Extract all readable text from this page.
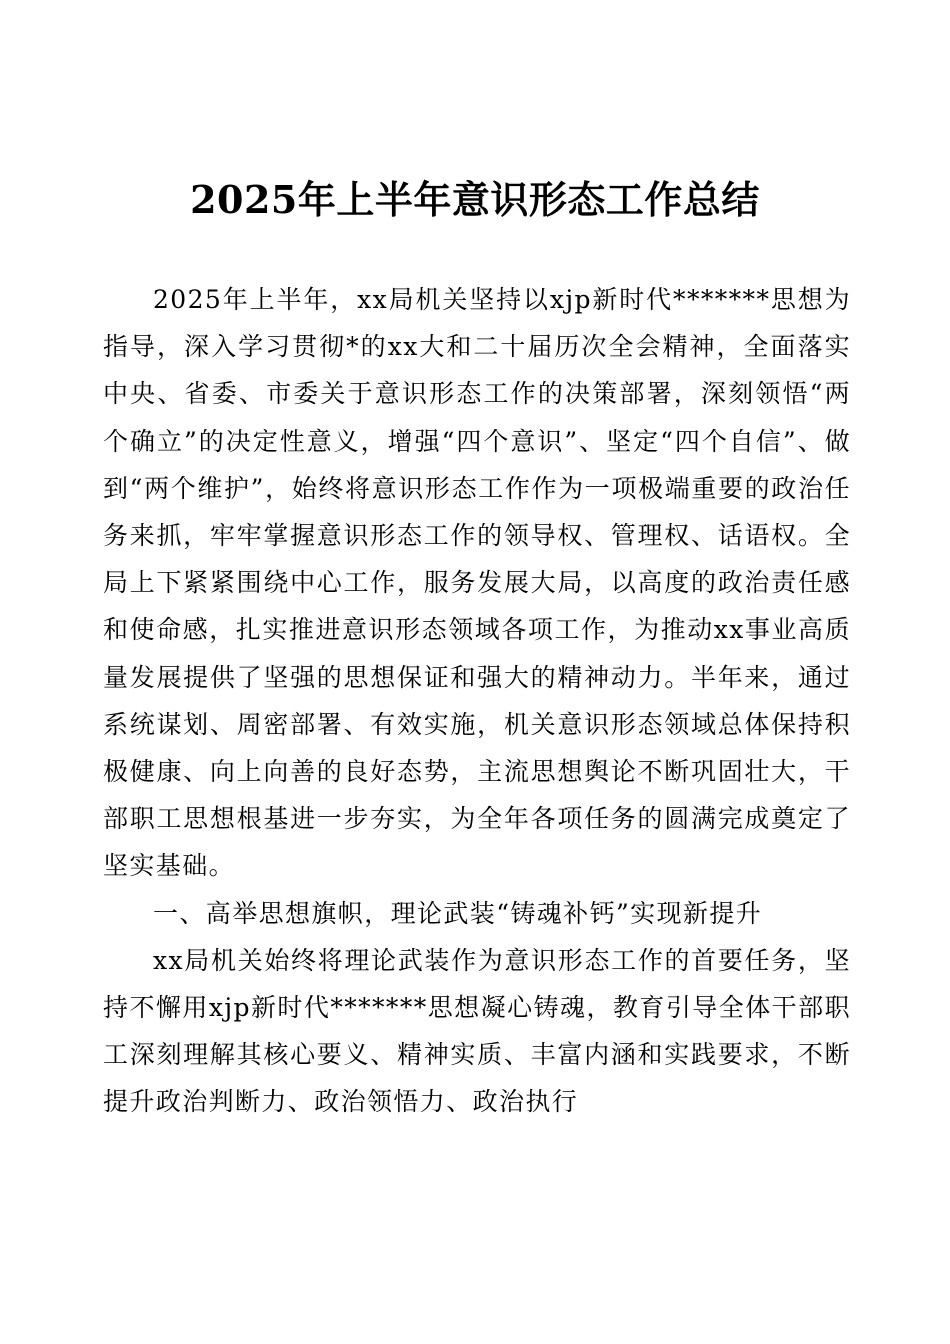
2025年上半年意识形态工作总结

2025年上半年，xx局机关坚持以xjp新时代*******思想为指导，深入学习贯彻*的xx大和二十届历次全会精神，全面落实中央、省委、市委关于意识形态工作的决策部署，深刻领悟“两个确立”的决定性意义，增强“四个意识”、坚定“四个自信”、做到“两个维护”，始终将意识形态工作作为一项极端重要的政治任务来抓，牢牢掌握意识形态工作的领导权、管理权、话语权。全局上下紧紧围绕中心工作，服务发展大局，以高度的政治责任感和使命感，扎实推进意识形态领域各项工作，为推动xx事业高质量发展提供了坚强的思想保证和强大的精神动力。半年来，通过系统谋划、周密部署、有效实施，机关意识形态领域总体保持积极健康、向上向善的良好态势，主流思想舆论不断巩固壮大，干部职工思想根基进一步夯实，为全年各项任务的圆满完成奠定了坚实基础。

一、高举思想旗帜，理论武装“铸魂补钙”实现新提升

xx局机关始终将理论武装作为意识形态工作的首要任务，坚持不懈用xjp新时代*******思想凝心铸魂，教育引导全体干部职工深刻理解其核心要义、精神实质、丰富内涵和实践要求，不断提升政治判断力、政治领悟力、政治执行
